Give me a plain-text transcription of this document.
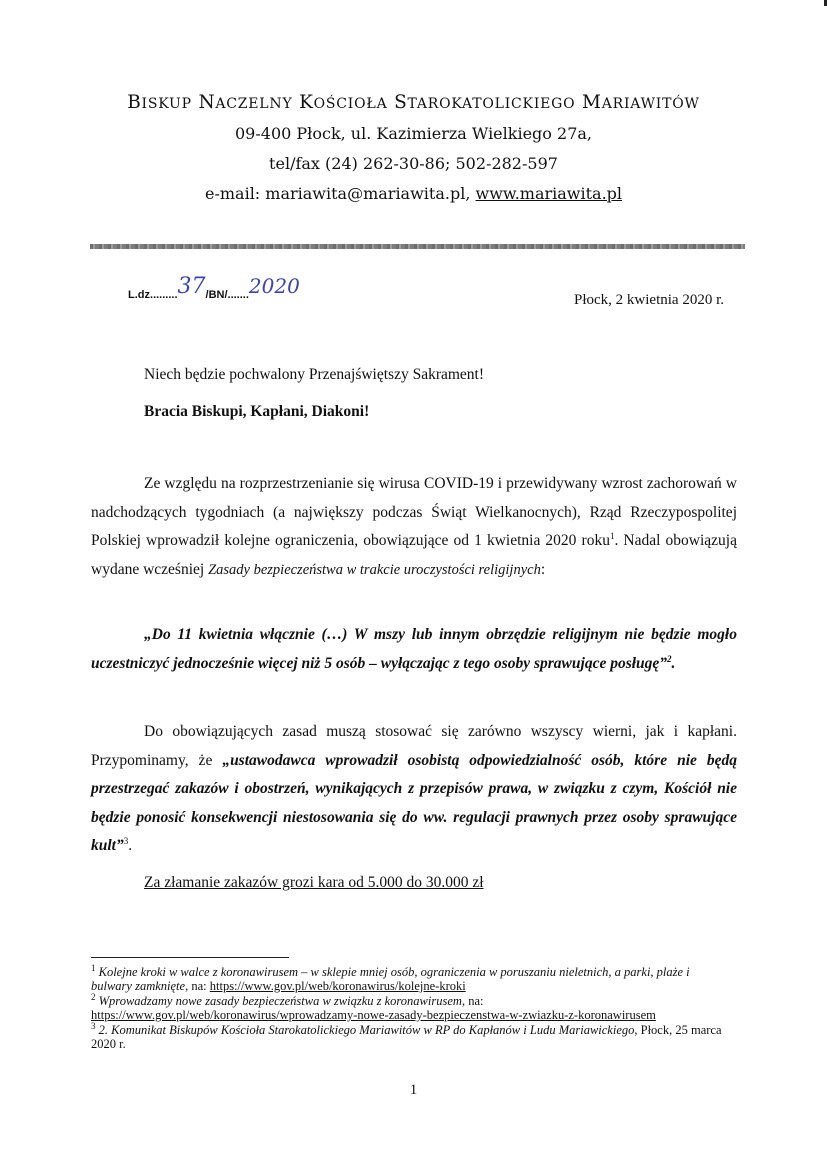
BISKUP NACZELNY KOŚCIOŁA STAROKATOLICKIEGO MARIAWITÓW
09-400 Płock, ul. Kazimierza Wielkiego 27a,
tel/fax (24) 262-30-86; 502-282-597
e-mail: mariawita@mariawita.pl, www.mariawita.pl
L.dz.........37/BN/.......2020
Płock, 2 kwietnia 2020 r.
Niech będzie pochwalony Przenajświętszy Sakrament!
Bracia Biskupi, Kapłani, Diakoni!
Ze względu na rozprzestrzenianie się wirusa COVID-19 i przewidywany wzrost zachorowań w nadchodzących tygodniach (a największy podczas Świąt Wielkanocnych), Rząd Rzeczypospolitej Polskiej wprowadził kolejne ograniczenia, obowiązujące od 1 kwietnia 2020 roku$^1$. Nadal obowiązują wydane wcześniej Zasady bezpieczeństwa w trakcie uroczystości religijnych:
„Do 11 kwietnia włącznie (…) W mszy lub innym obrzędzie religijnym nie będzie mogło uczestniczyć jednocześnie więcej niż 5 osób – wyłączając z tego osoby sprawujące posługę”$^2$.
Do obowiązujących zasad muszą stosować się zarówno wszyscy wierni, jak i kapłani. Przypominamy, że „ustawodawca wprowadził osobistą odpowiedzialność osób, które nie będą przestrzegać zakazów i obostrzeń, wynikających z przepisów prawa, w związku z czym, Kościół nie będzie ponosić konsekwencji niestosowania się do ww. regulacji prawnych przez osoby sprawujące kult”$^3$.
Za złamanie zakazów grozi kara od 5.000 do 30.000 zł
$^1$ Kolejne kroki w walce z koronawirusem – w sklepie mniej osób, ograniczenia w poruszaniu nieletnich, a parki, plaże i bulwary zamknięte, na: https://www.gov.pl/web/koronawirus/kolejne-kroki
$^2$ Wprowadzamy nowe zasady bezpieczeństwa w związku z koronawirusem, na: https://www.gov.pl/web/koronawirus/wprowadzamy-nowe-zasady-bezpieczenstwa-w-zwiazku-z-koronawirusem
$^3$ 2. Komunikat Biskupów Kościoła Starokatolickiego Mariawitów w RP do Kapłanów i Ludu Mariawickiego, Płock, 25 marca 2020 r.
1
